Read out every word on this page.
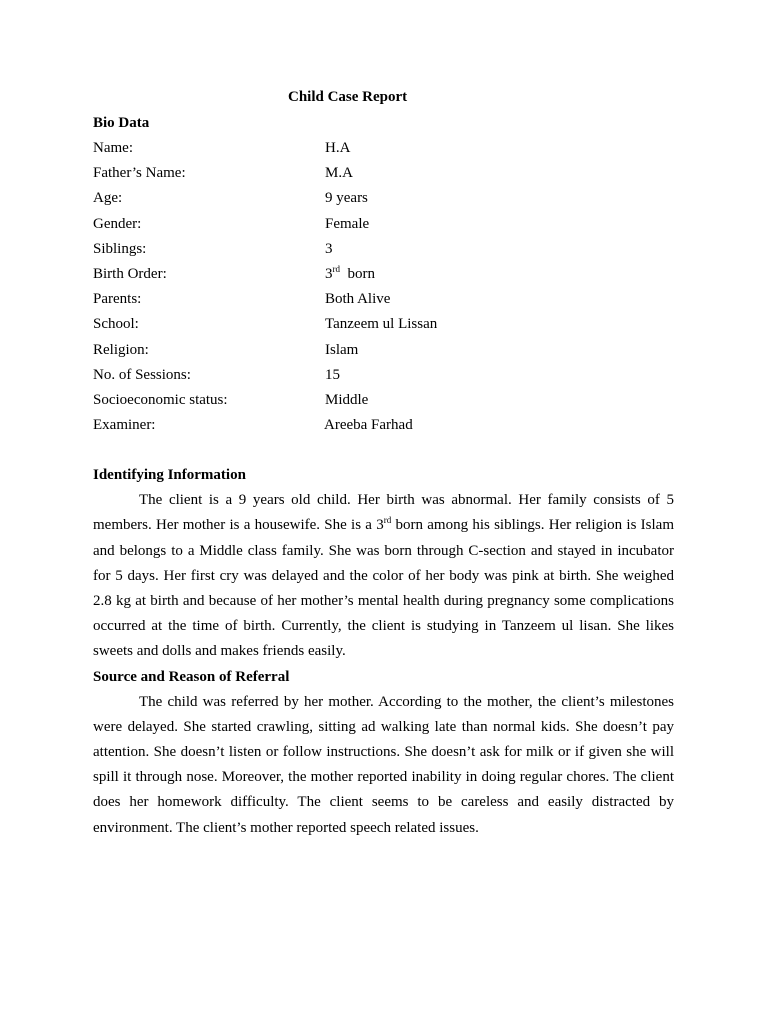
Child Case Report
Bio Data
Name:	H.A
Father’s Name:	M.A
Age:	9 years
Gender:	Female
Siblings:	3
Birth Order:	3rd  born
Parents:	Both Alive
School:	Tanzeem ul Lissan
Religion:	Islam
No. of Sessions:	15
Socioeconomic status:	Middle
Examiner:	Areeba Farhad
Identifying Information

The client is a 9 years old child. Her birth was abnormal. Her family consists of 5 members. Her mother is a housewife. She is a 3rd born among his siblings. Her religion is Islam and belongs to a Middle class family. She was born through C-section and stayed in incubator for 5 days. Her first cry was delayed and the color of her body was pink at birth. She weighed 2.8 kg at birth and because of her mother’s mental health during pregnancy some complications occurred at the time of birth. Currently, the client is studying in Tanzeem ul lisan. She likes sweets and dolls and makes friends easily.

Source and Reason of Referral

The child was referred by her mother. According to the mother, the client’s milestones were delayed. She started crawling, sitting ad walking late than normal kids. She doesn’t pay attention. She doesn’t listen or follow instructions. She doesn’t ask for milk or if given she will spill it through nose. Moreover, the mother reported inability in doing regular chores. The client does her homework difficulty. The client seems to be careless and easily distracted by environment. The client’s mother reported speech related issues.
